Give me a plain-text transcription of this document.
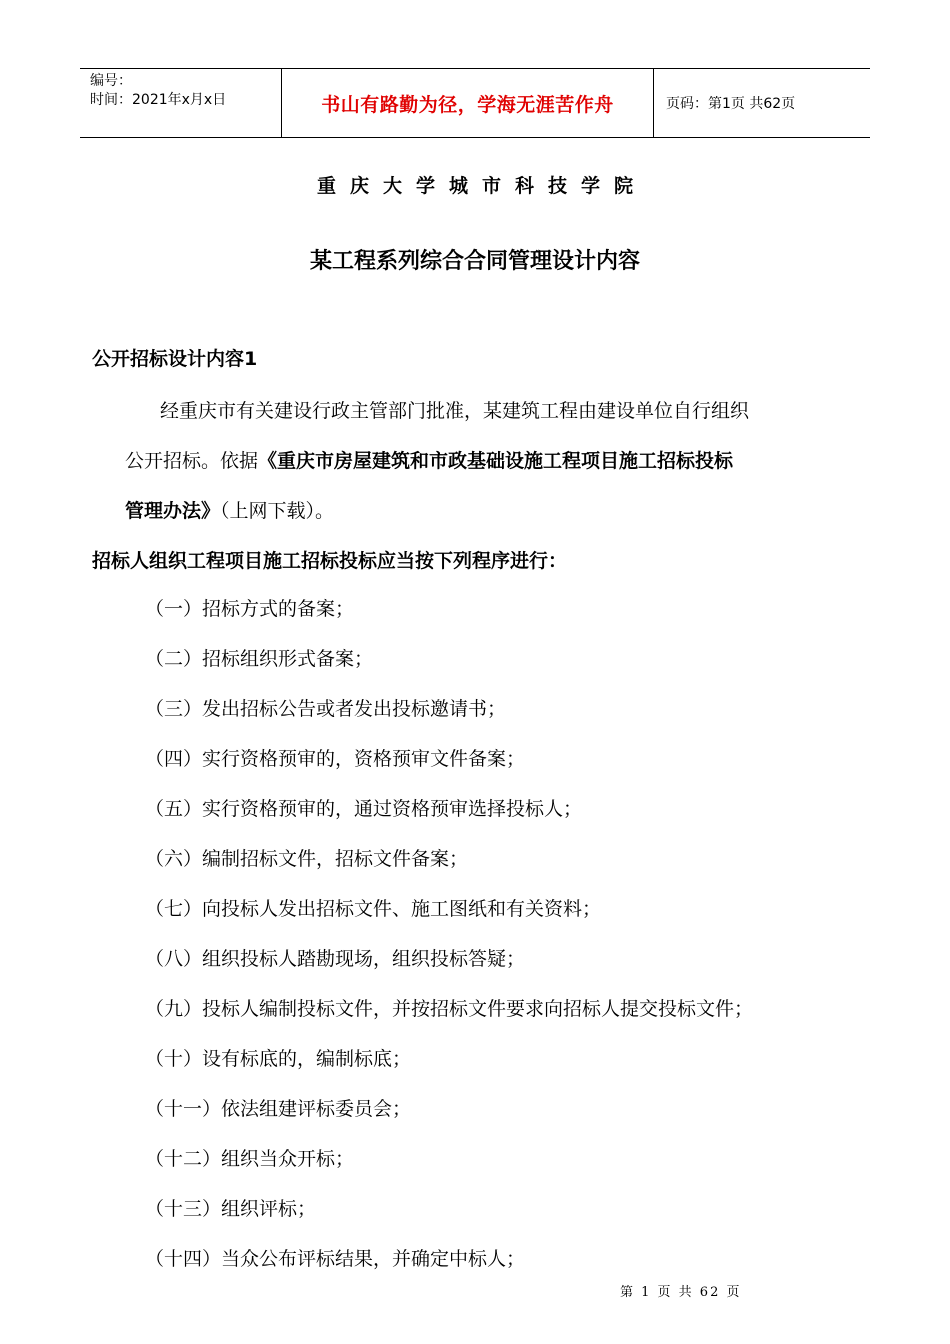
编号：
时间：2021年x月x日	书山有路勤为径，学海无涯苦作舟	页码：第1页 共62页
重庆大学城市科技学院
某工程系列综合合同管理设计内容
公开招标设计内容1
经重庆市有关建设行政主管部门批准，某建筑工程由建设单位自行组织
公开招标。依据《重庆市房屋建筑和市政基础设施工程项目施工招标投标
管理办法》（上网下载）。
招标人组织工程项目施工招标投标应当按下列程序进行：
（一）招标方式的备案；
（二）招标组织形式备案；
（三）发出招标公告或者发出投标邀请书；
（四）实行资格预审的，资格预审文件备案；
（五）实行资格预审的，通过资格预审选择投标人；
（六）编制招标文件，招标文件备案；
（七）向投标人发出招标文件、施工图纸和有关资料；
（八）组织投标人踏勘现场，组织投标答疑；
（九）投标人编制投标文件，并按招标文件要求向招标人提交投标文件；
（十）设有标底的，编制标底；
（十一）依法组建评标委员会；
（十二）组织当众开标；
（十三）组织评标；
（十四）当众公布评标结果，并确定中标人；
第 1 页 共 62 页
